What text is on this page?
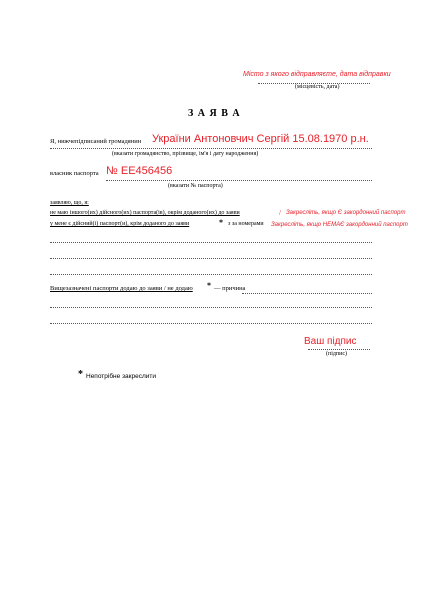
Місто з якого відправляєте, дата відправки
(місцевість, дата)
З А Я В А
Я, нижчепідписаний громадянин України Антоновчич Сергій 15.08.1970 р.н.
(вказати громадянство, прізвище, ім'я і дату народження)
власник паспорта № ЕЕ456456
(вказати № паспорта)
заявляю, що, я:
не маю іншого(их) дійсного(их) паспорта(ів), окрім доданого(их) до заяви	/ Закресліть, якщо Є закордонний паспорт
у мене є дійсний(і) паспорт(и), крім доданого до заяви	* з за номерами Закресліть, якщо НЕМАЄ закордонний паспорт
Вищезазначені паспорти додаю до заяви / не додаю * — причина
Ваш підпис
(підпис)
* Непотрібне закреслити
